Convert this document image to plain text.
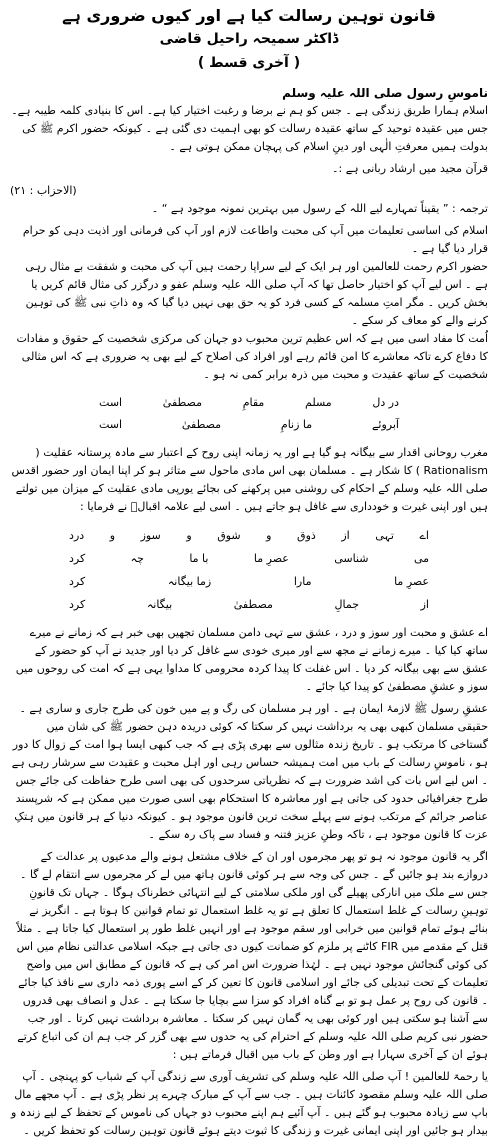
قانون توہین رسالت کیا ہے اور کیوں ضروری ہے
ڈاکٹر سمیحہ راحیل قاضی
( آخری قسط )
ناموسِ رسول صلی اللہ علیہ وسلم

اسلام ہمارا طریق زندگی ہے ۔ جس کو ہم نے برضا و رغبت اختیار کیا ہے۔ اس کا بنیادی کلمہ طیبہ ہے۔ جس میں عقیدہ توحید کے ساتھ عقیدہ رسالت کو بھی اہمیت دی گئی ہے ۔ کیونکہ حضور اکرم ﷺ کی بدولت ہمیں معرفتِ الٰہی اور دینِ اسلام کی پہچان ممکن ہوتی ہے ۔

قرآن مجید میں ارشاد ربانی ہے :۔

(الاحزاب : ۲۱)

ترجمہ : ” یقیناً تمہارے لیے اللہ کے رسول میں بہترین نمونہ موجود ہے “ ۔

اسلام کی اساسی تعلیمات میں آپ کی محبت واطاعت لازم اور آپ کی فرمانی اور اذیت دہی کو حرام قرار دیا گیا ہے ۔

حضور اکرم رحمت للعالمین اور ہر ایک کے لیے سراپا رحمت ہیں آپ کی محبت و شفقت بے مثال رہی ہے ۔ اس لیے آپ کو اختیار حاصل تھا کہ آپ صلی اللہ علیہ وسلم عفو و درگزر کی مثال قائم کریں یا بخش کریں ۔ مگر امتِ مسلمہ کے کسی فرد کو یہ حق بھی نہیں دیا گیا کہ وہ ذاتِ نبی ﷺ کی توہین کرنے والے کو معاف کر سکے ۔

اُمت کا مفاد اسی میں ہے کہ اس عظیم ترین محبوب دو جہان کی مرکزی شخصیت کے حقوق و مفادات کا دفاع کرے تاکہ معاشرے کا امن قائم رہے اور افراد کی اصلاح کے لیے بھی یہ ضروری ہے کہ اس مثالی شخصیت کے ساتھ عقیدت و محبت میں ذرہ برابر کمی نہ ہو ۔

در دل
مسلم
مقامِ
مصطفیٰ
است
آبروئے
ما زنامِ
مصطفیٰ
است

مغرب روحانی اقدار سے بیگانہ ہو گیا ہے اور یہ زمانہ اپنی روح کے اعتبار سے مادہ پرستانہ عقلیت ( Rationalism ) کا شکار ہے ۔ مسلمان بھی اس مادی ماحول سے متاثر ہو کر اپنا ایمان اور حضور اقدس صلی اللہ علیہ وسلم کے احکام کی روشنی میں پرکھنے کی بجائے یورپی مادی عقلیت کے میزان میں تولتے ہیں اور اپنی غیرت و خودداری سے غافل ہو جاتے ہیں ۔ اسی لیے علامہ اقبالؒ نے فرمایا :

اے
تہی
از
ذوق
و
شوق
و
سوز
و
درد
می
شناسی
عصرِ ما
با ما
چہ
کرد
عصرِ ما
مارا
زما بیگانہ
کرد
از
جمالِ
مصطفیٰ
بیگانہ
کرد

اے عشق و محبت اور سوز و درد ، عشق سے تہی دامن مسلمان تجھیں بھی خبر ہے کہ زمانے نے میرے ساتھ کیا کیا ۔ میرے زمانے نے مجھ سے اور میری خودی سے غافل کر دیا اور جدید نے آپ کو حضور کے عشق سے بھی بیگانہ کر دیا ۔ اس غفلت کا پیدا کردہ محرومی کا مداوا یہی ہے کہ امت کی روحوں میں سوز و عشقِ مصطفیٰ کو پیدا کیا جائے ۔

عشقِ رسول ﷺ لازمۂ ایمان ہے ۔ اور ہر مسلمان کی رگ و پے میں خون کی طرح جاری و ساری ہے ۔ حقیقی مسلمان کبھی بھی یہ برداشت نہیں کر سکتا کہ کوئی دریدہ دہن حضور ﷺ کی شان میں گستاخی کا مرتکب ہو ۔ تاریخ زندہ مثالوں سے بھری پڑی ہے کہ جب کبھی ایسا ہوا امت کے زوال کا دور ہو ، ناموسِ رسالت کے باب میں امت ہمیشہ حساس رہی اور اہل محبت و عقیدت سے سرشار رہی ہے ۔ اس لیے اس بات کی اشد ضرورت ہے کہ نظریاتی سرحدوں کی بھی اسی طرح حفاظت کی جائے جس طرح جغرافیائی حدود کی جاتی ہے اور معاشرہ کا استحکام بھی اسی صورت میں ممکن ہے کہ شرپسند عناصر جرائم کے مرتکب ہونے سے پہلے سخت ترین قانون موجود ہو ۔ کیونکہ دنیا کے ہر قانون میں ہتکِ عزت کا قانون موجود ہے ، تاکہ وطنِ عزیز فتنہ و فساد سے پاک رہ سکے ۔

اگر یہ قانون موجود نہ ہو تو پھر مجرموں اور ان کے خلاف مشتعل ہونے والے مدعیوں پر عدالت کے دروازے بند ہو جائیں گے ۔ جس کی وجہ سے ہر کوئی قانون ہاتھ میں لے کر مجرموں سے انتقام لے گا ۔ جس سے ملک میں انارکی پھیلے گی اور ملکی سلامتی کے لیے انتہائی خطرناک ہوگا ۔ جہاں تک قانونِ توہینِ رسالت کے غلط استعمال کا تعلق ہے تو یہ غلط استعمال تو تمام قوانین کا ہوتا ہے ۔ انگریز نے بنائے ہوئے تمام قوانین میں خرابی اور سقم موجود ہے اور انہیں غلط طور پر استعمال کیا جاتا ہے ۔ مثلاً قتل کے مقدمے میں FIR کاٹنے پر ملزم کو ضمانت کیوں دی جاتی ہے جبکہ اسلامی عدالتی نظام میں اس کی کوئی گنجائش موجود نہیں ہے ۔ لہٰذا ضرورت اس امر کی ہے کہ قانون کے مطابق اس میں واضح تعلیمات کے تحت تبدیلی کی جائے اور اسلامی قانون کا تعین کر کے اسے پوری ذمہ داری سے نافذ کیا جائے ۔ قانون کی روح پر عمل ہو تو بے گناہ افراد کو سزا سے بچایا جا سکتا ہے ۔ عدل و انصاف بھی قدروں سے آشنا ہو سکتی ہیں اور کوئی بھی یہ گمان نہیں کر سکتا ۔ معاشرہ برداشت نہیں کرتا ۔ اور جب حضور نبی کریم صلی اللہ علیہ وسلم کے احترام کی یہ حدوں سے بھی گزر کر جب ہم ان کی اتباع کرتے ہوئے ان کے آخری سہارا ہے اور وطن کے باب میں اقبال فرماتے ہیں :

یا رحمۃ للعالمین ! آپ صلی اللہ علیہ وسلم کی تشریف آوری سے زندگی آپ کے شباب کو پہنچی ۔ آپ صلی اللہ علیہ وسلم مقصود کائنات ہیں ۔ جب سے آپ کے مبارک چہرے پر نظر پڑی ہے ۔ آپ مجھے مال باپ سے زیادہ محبوب ہو گئے ہیں ۔ آپ آئیے ہم اپنے محبوب دو جہاں کی ناموس کے تحفظ کے لیے زندہ و بیدار ہو جائیں اور اپنی ایمانی غیرت و زندگی کا ثبوت دیتے ہوئے قانون توہین رسالت کو تحفظ کریں ۔
